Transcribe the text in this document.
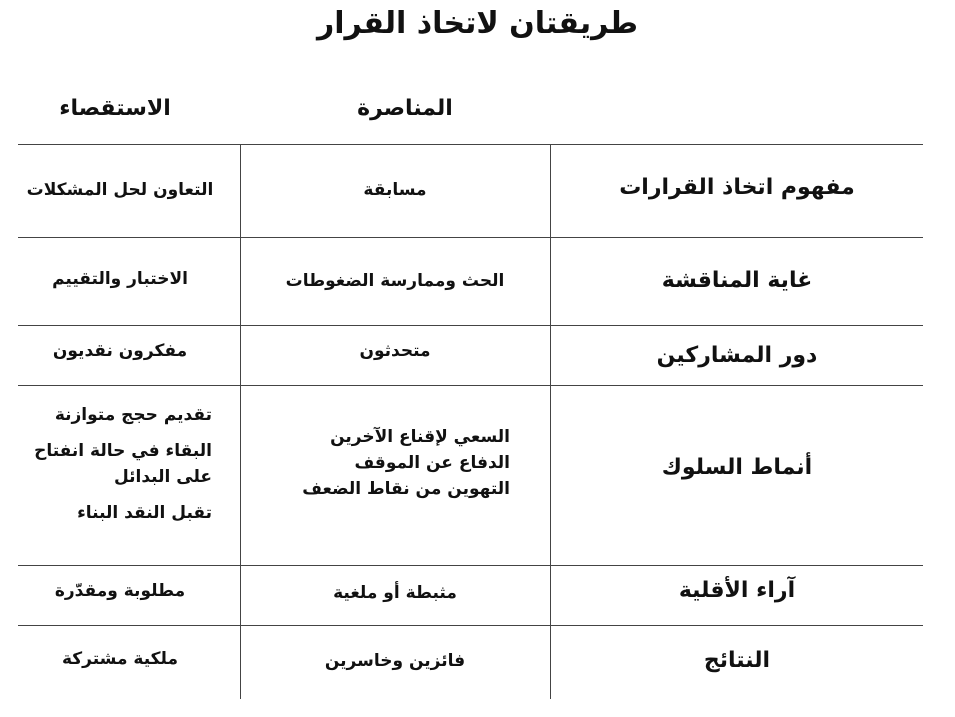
طريقتان لاتخاذ القرار
المناصرة
الاستقصاء
مفهوم اتخاذ القرارات
مسابقة
التعاون لحل المشكلات
غاية المناقشة
الحث وممارسة الضغوطات
الاختبار والتقييم
دور المشاركين
متحدثون
مفكرون نقديون
أنماط السلوك
السعي لإقناع الآخرين
الدفاع عن الموقف
التهوين من نقاط الضعف
تقديم حجج متوازنة
البقاء في حالة انفتاح على البدائل
تقبل النقد البناء
آراء الأقلية
مثبطة أو ملغية
مطلوبة ومقدّرة
النتائج
فائزين وخاسرين
ملكية مشتركة
